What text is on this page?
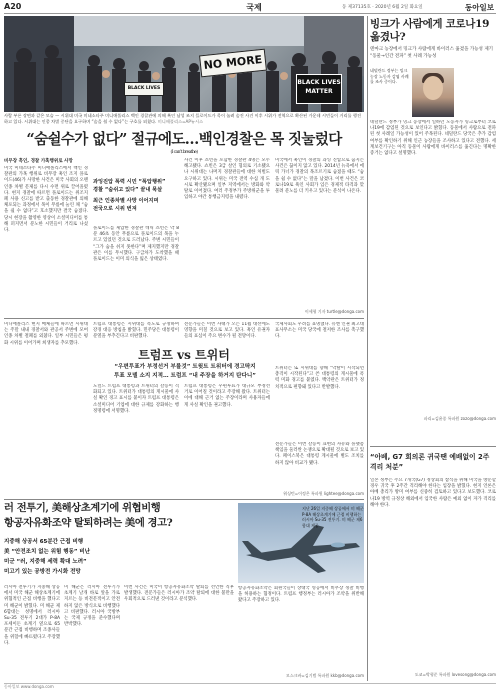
A20	국제	동 제37135호 · 2020년 6월 2일 화요일	동아일보
NO MORE
BLACK LIVES MATTER
BLACK LIVES
사람 부른 장면과 같은 모습 — 시위대 미국 미네소타주 미니애폴리스 백인 경찰관에 의해 흑인 남성 조지 플로이드가 목이 눌려 숨진 사건 이후 시위가 전역으로 확산된 가운데 시민들이 거리를 행진하고 있다. 시위대는 인종 차별 중단을 요구하며 “숨을 쉴 수 없다”는 구호를 외쳤다. 미니애폴리스=AP뉴시스
“숨쉴수가 없다” 절규에도…백인경찰은 목 짓눌렀다
(I can’t breathe)
비무장 흑인, 경찰 가혹행위로 사망
미국 미네소타주 미니애폴리스에서 백인 경찰관의 가혹 행위로 비무장 흑인 조지 플로이드(46)가 사망한 사건은 미국 사회의 오랜 인종 차별 문제를 다시 수면 위로 끌어올렸다. 현지 경찰에 따르면 플로이드는 위조지폐 사용 신고를 받고 출동한 경찰관에 의해 체포되는 과정에서 목이 무릎에 눌린 채 “숨을 쉴 수 없다”고 호소했지만 결국 숨졌다. 당시 현장을 촬영한 영상이 소셜미디어를 통해 퍼지면서 분노한 시민들이 거리로 나섰다.
과잉진압 폭력 시민 “폭압행위”
경찰 “숨쉬고 있다” 끝내 묵살
최근 인종차별 사망 이어지며
전국으로 시위 번져
플로이드를 제압한 경찰관 데릭 쇼빈은 약 8분 46초 동안 무릎으로 플로이드의 목을 누르고 있었던 것으로 드러났다. 주변 시민들이 “그가 숨을 쉬지 못한다”며 제지했지만 경찰관은 이를 무시했다. 구급차가 도착했을 때 플로이드는 이미 의식을 잃은 상태였다.
사건 이후 쇼빈을 포함한 경찰관 4명은 모두 해고됐다. 쇼빈은 3급 살인 혐의로 기소됐으나 시위대는 나머지 경찰관들에 대한 처벌도 요구하고 있다. 시위는 미국 전역 수십 개 도시로 확산됐으며 일부 지역에서는 방화와 약탈로 이어졌다. 여러 주정부가 주방위군을 투입하고 야간 통행금지령을 내렸다.
미국에서 흑인이 경찰의 과잉 진압으로 숨지는 사건은 끊이지 않고 있다. 2014년 뉴욕에서 에릭 가너가 경찰의 목조르기로 숨졌을 때도 “숨을 쉴 수 없다”는 말을 남겼다. 이번 사건은 코로나19로 흑인 사회가 입은 경제적 타격과 맞물려 분노를 더 키우고 있다는 분석이 나온다.
이세형 기자 turtle@donga.com
미니애폴리스 현지 매체들에 따르면 시위대는 주말 내내 경찰서와 관공서 주변에 모여 인종 차별 철폐를 외쳤다. 일부 시민들은 평화 시위를 이어가며 희생자를 추모했다.
트럼프 대통령은 시위대를 폭도로 규정하며 강경 대응 방침을 밝혔다. 민주당은 대통령이 분열을 부추긴다고 비판했다.
전문가들은 이번 사태가 오는 11월 대선에도 영향을 미칠 것으로 보고 있다. 흑인 유권자들의 표심이 주요 변수가 될 전망이다.
국제사회도 우려를 표명했다. 유엔 인권 최고대표사무소는 미국 당국에 철저한 조사를 촉구했다.
트럼프 vs 트위터
“우편투표가 부정선거 부를것” 트윗트 트위터에 경고딱지
투표 모델 소지 지적… 트럼프 “내 주장을 하거지 탄다니”
도널드 트럼프 대통령과 트위터의 갈등이 격화되고 있다. 트위터가 대통령의 게시물에 사실 확인 경고 표시를 붙이자 트럼프 대통령은 소셜미디어 기업에 대한 규제를 강화하는 행정명령에 서명했다.
트럼프 대통령은 우편투표가 대규모 부정선거로 이어질 것이라고 주장해 왔다. 트위터는 이에 대해 근거 없는 주장이라며 사용자들에게 사실 확인을 권고했다.
트위터는 또 시위대를 향해 “약탈이 시작되면 총격이 시작된다”고 쓴 대통령의 게시물에 폭력 미화 경고를 붙였다. 백악관은 트위터가 정치적으로 편향돼 있다고 반발했다.
전문가들은 이번 갈등이 표현의 자유와 플랫폼 책임을 둘러싼 논쟁으로 확대될 것으로 보고 있다. 페이스북은 대통령 게시물에 별도 조치를 하지 않아 비교가 됐다.
워싱턴=이정은 특파원 lightee@donga.com
러 전투기, 美해상초계기에 위협비행
항공자유화조약 탈퇴하려는 美에 경고?
지중해 상공서 65분간 근접 비행
美 “안전조치 없는 위험 행동” 비난
미군 “러, 지중해 세력 확대 노려”
미고기 있는 공방전 가시화 전망
지난 26일 지중해 상공에서 미 해군 P-8A 해상초계기에 근접 비행하는 러시아 Su-35 전투기. 미 해군 제6함대 제공
러시아 전투기가 지중해 상공에서 미국 해군 해상초계기에 위협적인 근접 비행을 했다고 미 해군이 밝혔다. 미 해군 제6함대는 성명에서 러시아 Su-35 전투기 2대가 P-8A 포세이돈 초계기 옆으로 65분간 근접 비행하며 조종사들을 위험에 빠뜨렸다고 주장했다.
미 해군은 러시아 전투기가 초계기 날개 바로 앞을 가로지르는 등 비전문적이고 안전하지 않은 방식으로 비행했다고 비판했다. 러시아 국방부는 국제 규정을 준수했다며 반박했다.
이번 사건은 미국이 항공자유화조약 탈퇴를 선언한 직후 발생했다. 전문가들은 러시아가 조약 탈퇴에 대한 불만을 우회적으로 드러낸 것이라고 분석했다.
항공자유화조약은 회원국들이 상대국 영공에서 비무장 정찰 비행을 허용하는 협정이다. 트럼프 행정부는 러시아가 조약을 위반해 왔다고 주장하고 있다.
모스크바=김기범 특파원 kkb@donga.com
빙크가 사람에게 코로나19 옮겼나?
덴마크 농장에서 밍크가 사람에게 바이러스 옮겼을 가능성 제기
“동물→인간 전파” 첫 사례 가능성
네덜란드 정부는 밍크 농장 노동자 감염 사례를 조사 중이다.
네덜란드 정부가 밍크 농장에서 일하던 노동자가 밍크로부터 코로나19에 감염된 것으로 보인다고 밝혔다. 동물에서 사람으로 전파된 첫 사례일 가능성이 있어 주목된다. 네덜란드 당국은 추가 감염 여부를 확인하기 위해 인근 농장들을 조사하고 있다고 전했다. 세계보건기구는 아직 동물이 사람에게 바이러스를 옮긴다는 명확한 증거는 없다고 설명했다.
파리=김윤종 특파원 zozo@donga.com
“아베, G7 회의론 귀국땐 예배없이 2주 격리 처분”
일본 정부는 주요 7개국(G7) 정상회의 참석을 위해 미국을 방문할 경우 귀국 후 2주간 격리해야 한다는 입장을 밝혔다. 현지 언론은 아베 총리가 방미 여부를 신중히 검토하고 있다고 보도했다. 코로나19 방역 규정상 해외에서 입국한 사람은 예외 없이 자가 격리를 해야 한다.
도쿄=박형준 특파원 lovesong@donga.com
동아일보 www.donga.com
